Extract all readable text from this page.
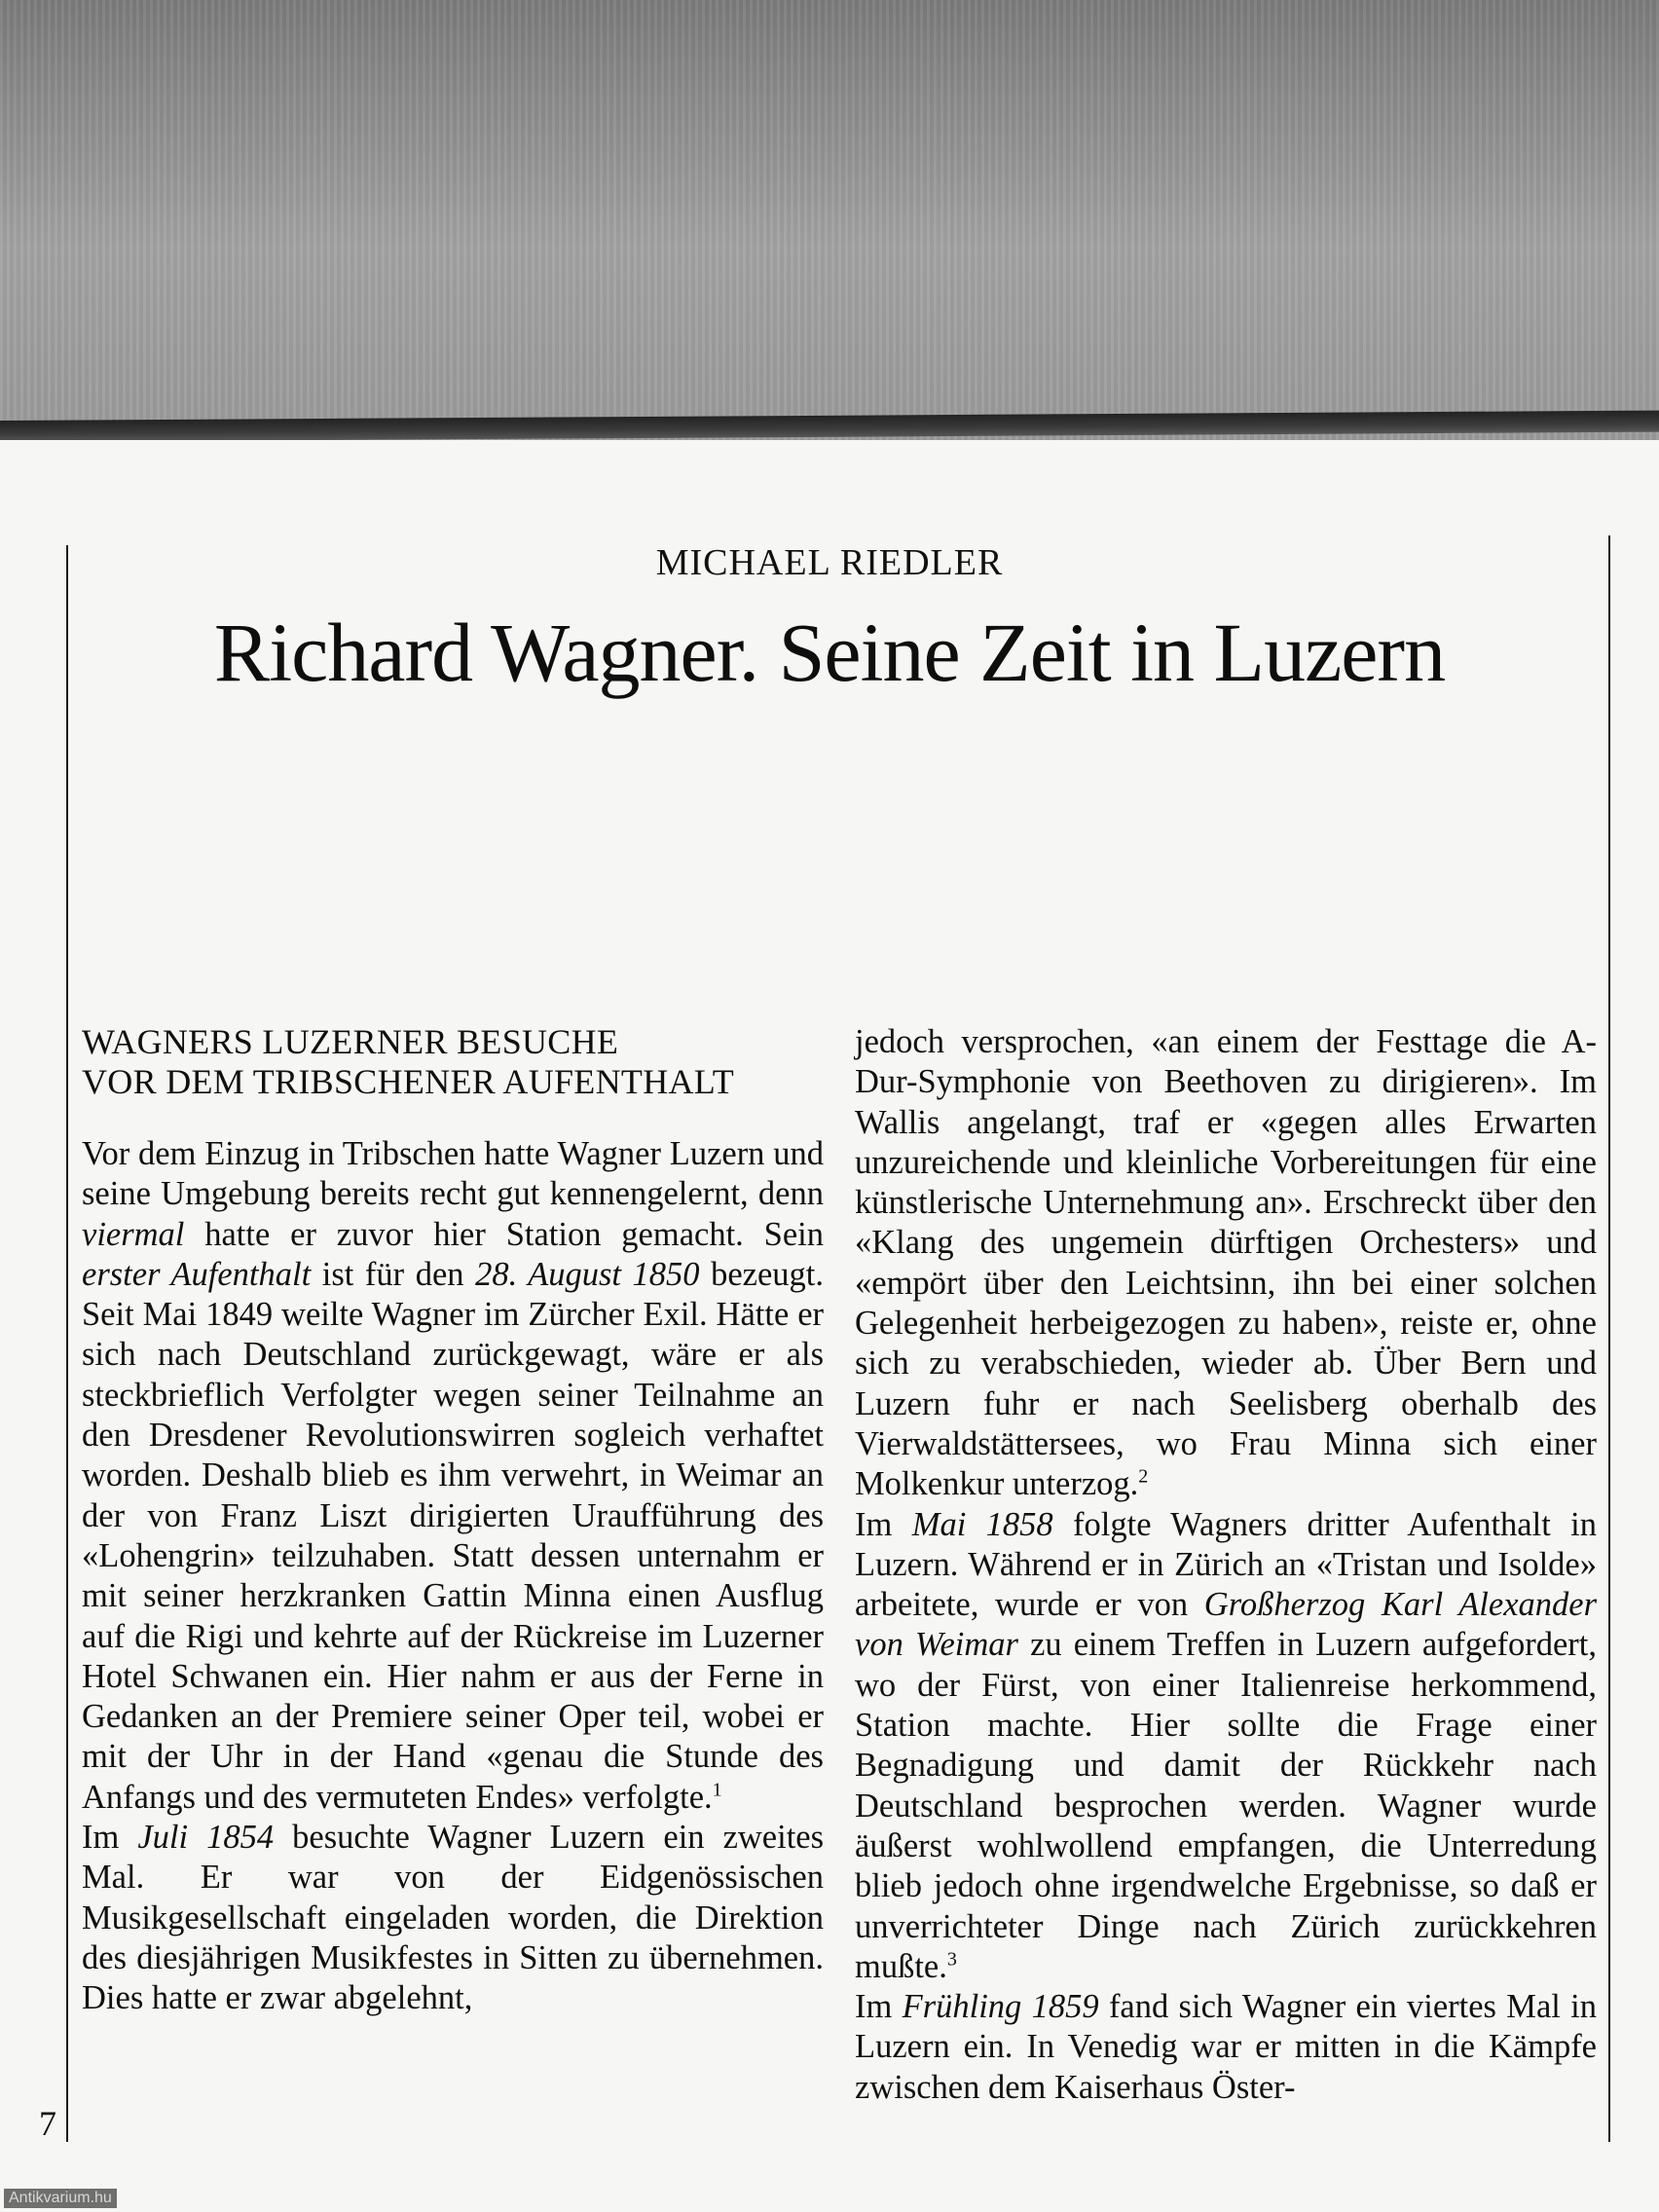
MICHAEL RIEDLER
Richard Wagner. Seine Zeit in Luzern
WAGNERS LUZERNER BESUCHE
VOR DEM TRIBSCHENER AUFENTHALT

Vor dem Einzug in Tribschen hatte Wagner Luzern und seine Umgebung bereits recht gut kennengelernt, denn viermal hatte er zuvor hier Station gemacht. Sein erster Aufenthalt ist für den 28. August 1850 bezeugt. Seit Mai 1849 weilte Wagner im Zürcher Exil. Hätte er sich nach Deutschland zurückgewagt, wäre er als steckbrieflich Verfolgter wegen seiner Teilnahme an den Dresdener Revolutionswirren sogleich verhaftet worden. Deshalb blieb es ihm verwehrt, in Weimar an der von Franz Liszt dirigierten Uraufführung des «Lohengrin» teilzuhaben. Statt dessen unternahm er mit seiner herzkranken Gattin Minna einen Ausflug auf die Rigi und kehrte auf der Rückreise im Luzerner Hotel Schwanen ein. Hier nahm er aus der Ferne in Gedanken an der Premiere seiner Oper teil, wobei er mit der Uhr in der Hand «genau die Stunde des Anfangs und des vermuteten Endes» verfolgte.$^1$

Im Juli 1854 besuchte Wagner Luzern ein zweites Mal. Er war von der Eidgenössischen Musikgesellschaft eingeladen worden, die Direktion des diesjährigen Musikfestes in Sitten zu übernehmen. Dies hatte er zwar abgelehnt,

jedoch versprochen, «an einem der Festtage die A-Dur-Symphonie von Beethoven zu dirigieren». Im Wallis angelangt, traf er «gegen alles Erwarten unzureichende und kleinliche Vorbereitungen für eine künstlerische Unternehmung an». Erschreckt über den «Klang des ungemein dürftigen Orchesters» und «empört über den Leichtsinn, ihn bei einer solchen Gelegenheit herbeigezogen zu haben», reiste er, ohne sich zu verabschieden, wieder ab. Über Bern und Luzern fuhr er nach Seelisberg oberhalb des Vierwaldstättersees, wo Frau Minna sich einer Molkenkur unterzog.$^2$

Im Mai 1858 folgte Wagners dritter Aufenthalt in Luzern. Während er in Zürich an «Tristan und Isolde» arbeitete, wurde er von Großherzog Karl Alexander von Weimar zu einem Treffen in Luzern aufgefordert, wo der Fürst, von einer Italienreise herkommend, Station machte. Hier sollte die Frage einer Begnadigung und damit der Rückkehr nach Deutschland besprochen werden. Wagner wurde äußerst wohlwollend empfangen, die Unterredung blieb jedoch ohne irgendwelche Ergebnisse, so daß er unverrichteter Dinge nach Zürich zurückkehren mußte.$^3$

Im Frühling 1859 fand sich Wagner ein viertes Mal in Luzern ein. In Venedig war er mitten in die Kämpfe zwischen dem Kaiserhaus Öster-

7
Antikvarium.hu
